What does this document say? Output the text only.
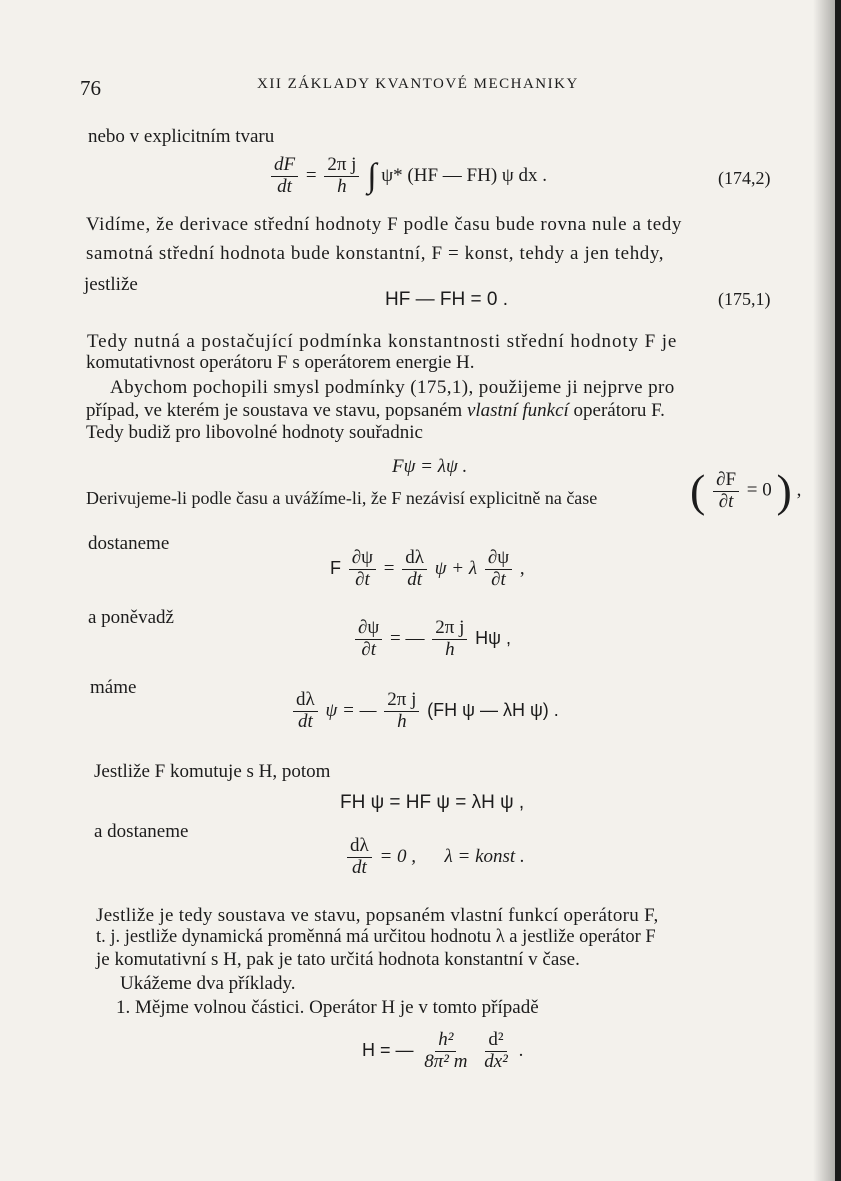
76	XII ZÁKLADY KVANTOVÉ MECHANIKY
nebo v explicitním tvaru
$\frac{dF}{dt} = \frac{\text{2π j}}{h}$ ∫ ψ* (HF — FH) ψ dx .	(174,2)
Vidíme, že derivace střední hodnoty F podle času bude rovna nule a tedy
samotná střední hodnota bude konstantní, F = konst, tehdy a jen tehdy,
jestliže
HF — FH = 0 .	(175,1)
Tedy nutná a postačující podmínka konstantnosti střední hodnoty F je
komutativnost operátoru F s operátorem energie H.
Abychom pochopili smysl podmínky (175,1), použijeme ji nejprve pro
případ, ve kterém je soustava ve stavu, popsaném vlastní funkcí operátoru F.
Tedy budiž pro libovolné hodnoty souřadnic
Fψ = λψ .
Derivujeme-li podle času a uvážíme-li, že F nezávisí explicitně na čase ( $\frac{\partial F}{\partial t} = 0$ ) ,
dostaneme
F $\frac{\partial\psi}{\partial t} = \frac{d\lambda}{dt}$ ψ + λ $\frac{\partial\psi}{\partial t}$ ,
a poněvadž
$\frac{\partial\psi}{\partial t}$ = — $\frac{\text{2π j}}{h}$ Hψ ,
máme
$\frac{d\lambda}{dt}$ ψ = — $\frac{\text{2π j}}{h} (FH$ ψ — λH ψ) .
Jestliže F komutuje s H, potom
FH ψ = HF ψ = λH ψ ,
a dostaneme
$\frac{d\lambda}{dt} = 0$ ,      λ = konst .
Jestliže je tedy soustava ve stavu, popsaném vlastní funkcí operátoru F,
t. j. jestliže dynamická proměnná má určitou hodnotu λ a jestliže operátor F
je komutativní s H, pak je tato určitá hodnota konstantní v čase.
Ukážeme dva příklady.
1. Mějme volnou částici. Operátor H je v tomto případě
H = — $\frac{\text{h²}}{\text{8π² m}}$
$\frac{\text{d²}}{\text{dx²}}$ .
